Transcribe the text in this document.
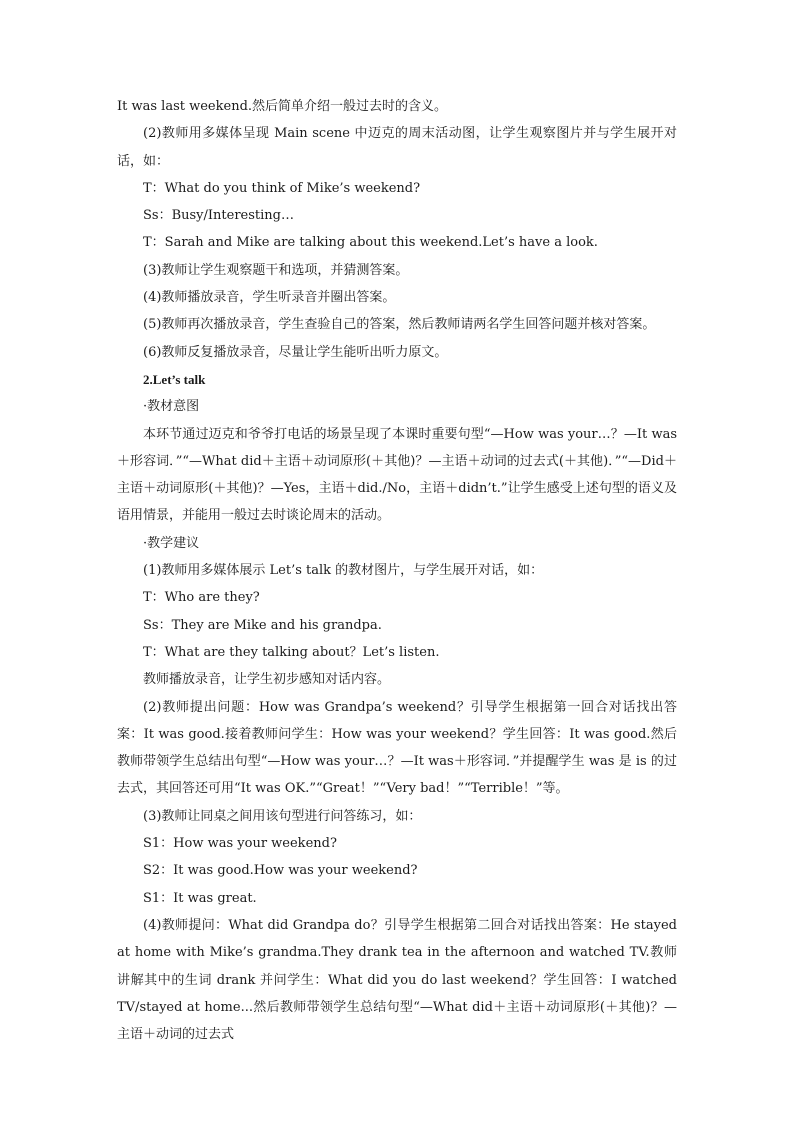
It was last weekend.然后简单介绍一般过去时的含义。

(2)教师用多媒体呈现 Main scene 中迈克的周末活动图，让学生观察图片并与学生展开对话，如：

T：What do you think of Mike’s weekend?

Ss：Busy/Interesting…

T：Sarah and Mike are talking about this weekend.Let’s have a look.

(3)教师让学生观察题干和选项，并猜测答案。

(4)教师播放录音，学生听录音并圈出答案。

(5)教师再次播放录音，学生查验自己的答案，然后教师请两名学生回答问题并核对答案。

(6)教师反复播放录音，尽量让学生能听出听力原文。

2.Let’s talk

·教材意图

本环节通过迈克和爷爷打电话的场景呈现了本课时重要句型“—How was your…？—It was＋形容词．”“—What did＋主语＋动词原形(＋其他)？—主语＋动词的过去式(＋其他)．”“—Did＋主语＋动词原形(＋其他)？—Yes，主语＋did./No，主语＋didn’t.”让学生感受上述句型的语义及语用情景，并能用一般过去时谈论周末的活动。

·教学建议

(1)教师用多媒体展示 Let’s talk 的教材图片，与学生展开对话，如：

T：Who are they?

Ss：They are Mike and his grandpa.

T：What are they talking about？Let’s listen.

教师播放录音，让学生初步感知对话内容。

(2)教师提出问题：How was Grandpa’s weekend？引导学生根据第一回合对话找出答案：It was good.接着教师问学生：How was your weekend？学生回答：It was good.然后教师带领学生总结出句型“—How was your…？—It was＋形容词．”并提醒学生 was 是 is 的过去式，其回答还可用“It was OK.”“Great！”“Very bad！”“Terrible！”等。

(3)教师让同桌之间用该句型进行问答练习，如：

S1：How was your weekend?

S2：It was good.How was your weekend?

S1：It was great.

(4)教师提问：What did Grandpa do？引导学生根据第二回合对话找出答案：He stayed at home with Mike’s grandma.They drank tea in the afternoon and watched TV.教师讲解其中的生词 drank 并问学生：What did you do last weekend？学生回答：I watched TV/stayed at home...然后教师带领学生总结句型“—What did＋主语＋动词原形(＋其他)？—主语＋动词的过去式
